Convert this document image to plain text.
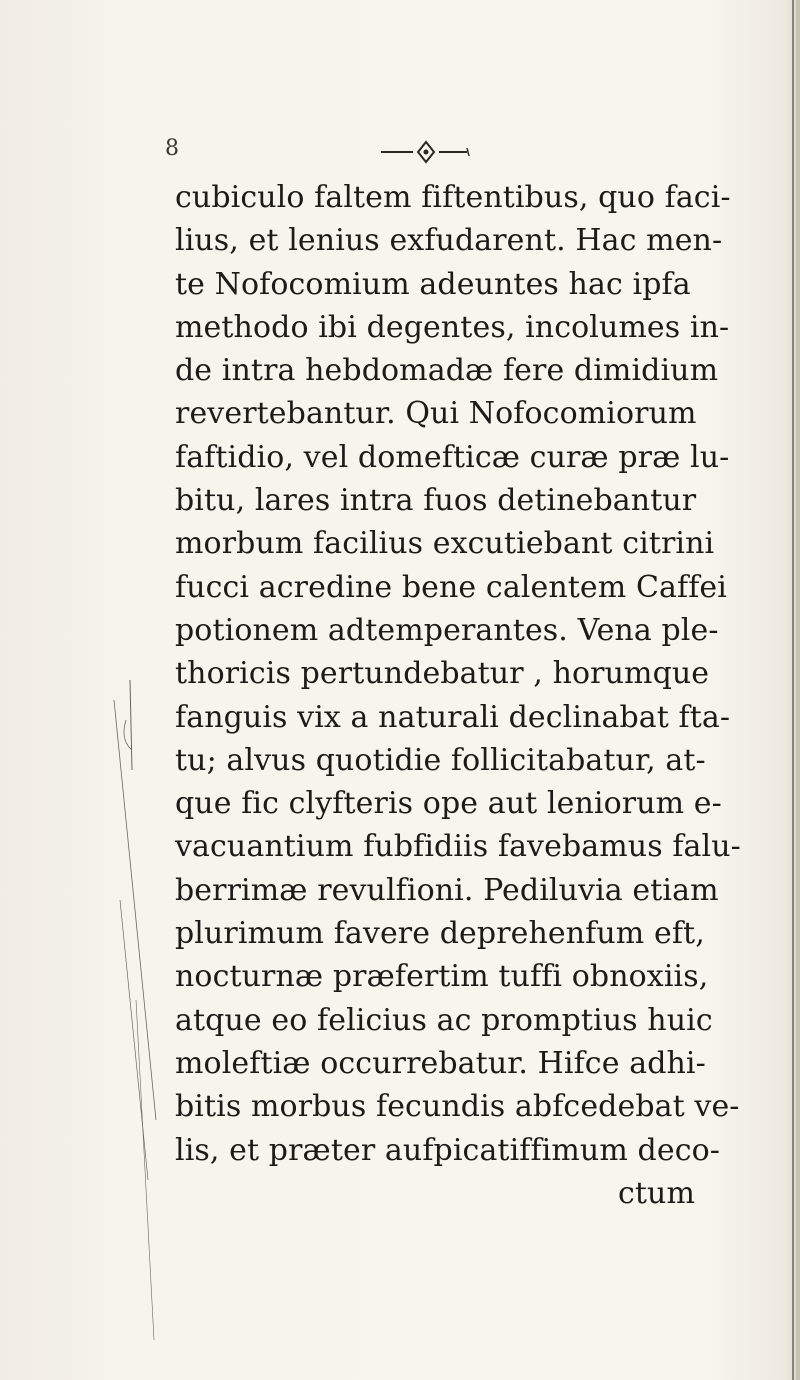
8
cubiculo faltem fiftentibus, quo faci-
lius, et lenius exfudarent. Hac men-
te Nofocomium adeuntes hac ipfa
methodo ibi degentes, incolumes in-
de intra hebdomadæ fere dimidium
revertebantur. Qui Nofocomiorum
faftidio, vel domefticæ curæ præ lu-
bitu, lares intra fuos detinebantur
morbum facilius excutiebant citrini
fucci acredine bene calentem Caffei
potionem adtemperantes. Vena ple-
thoricis pertundebatur , horumque
fanguis vix a naturali declinabat fta-
tu; alvus quotidie follicitabatur, at-
que fic clyfteris ope aut leniorum e-
vacuantium fubfidiis favebamus falu-
berrimæ revulfioni. Pediluvia etiam
plurimum favere deprehenfum eft,
nocturnæ præfertim tuffi obnoxiis,
atque eo felicius ac promptius huic
moleftiæ occurrebatur. Hifce adhi-
bitis morbus fecundis abfcedebat ve-
lis, et præter aufpicatiffimum deco-
ctum
